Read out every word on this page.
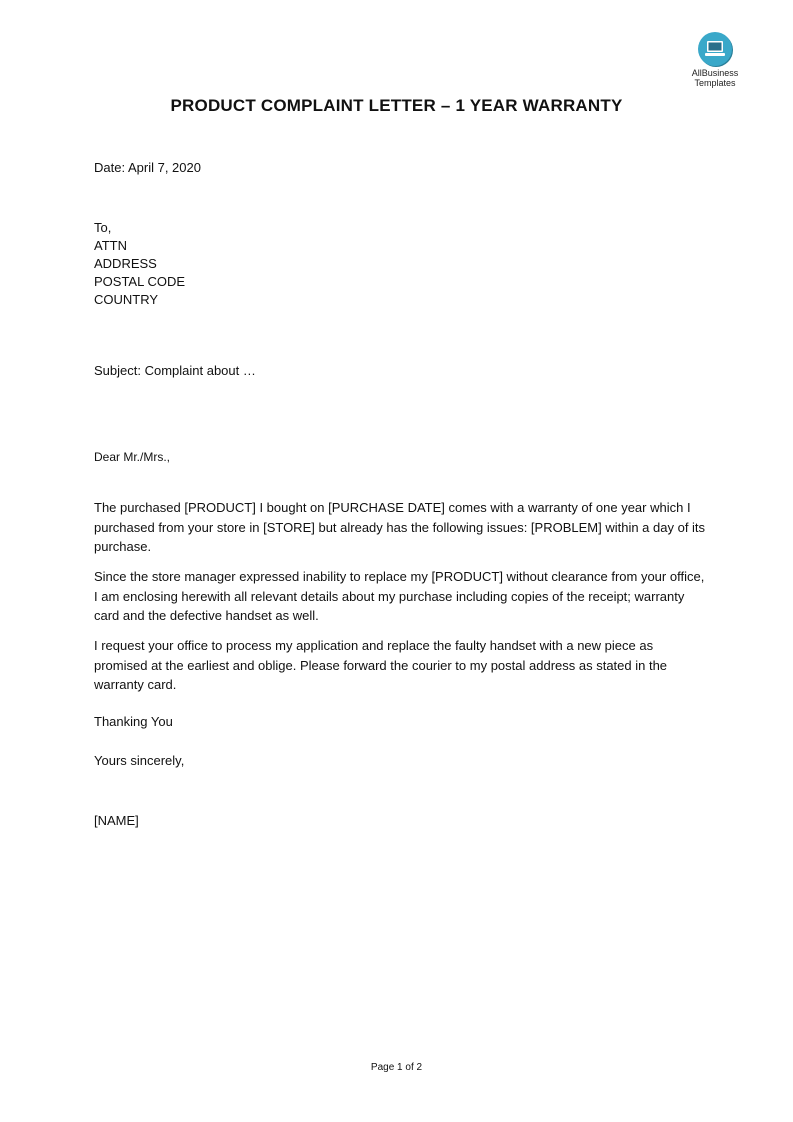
AllBusiness
Templates
PRODUCT COMPLAINT LETTER – 1 YEAR WARRANTY
Date: April 7, 2020
To,
ATTN
ADDRESS
POSTAL CODE
COUNTRY
Subject: Complaint about …
Dear Mr./Mrs.,
The purchased [PRODUCT] I bought on [PURCHASE DATE] comes with a warranty of one year which I purchased from your store in [STORE] but already has the following issues: [PROBLEM] within a day of its purchase.
Since the store manager expressed inability to replace my [PRODUCT] without clearance from your office, I am enclosing herewith all relevant details about my purchase including copies of the receipt; warranty card and the defective handset as well.
I request your office to process my application and replace the faulty handset with a new piece as promised at the earliest and oblige. Please forward the courier to my postal address as stated in the warranty card.
Thanking You
Yours sincerely,
[NAME]
Page 1 of 2
